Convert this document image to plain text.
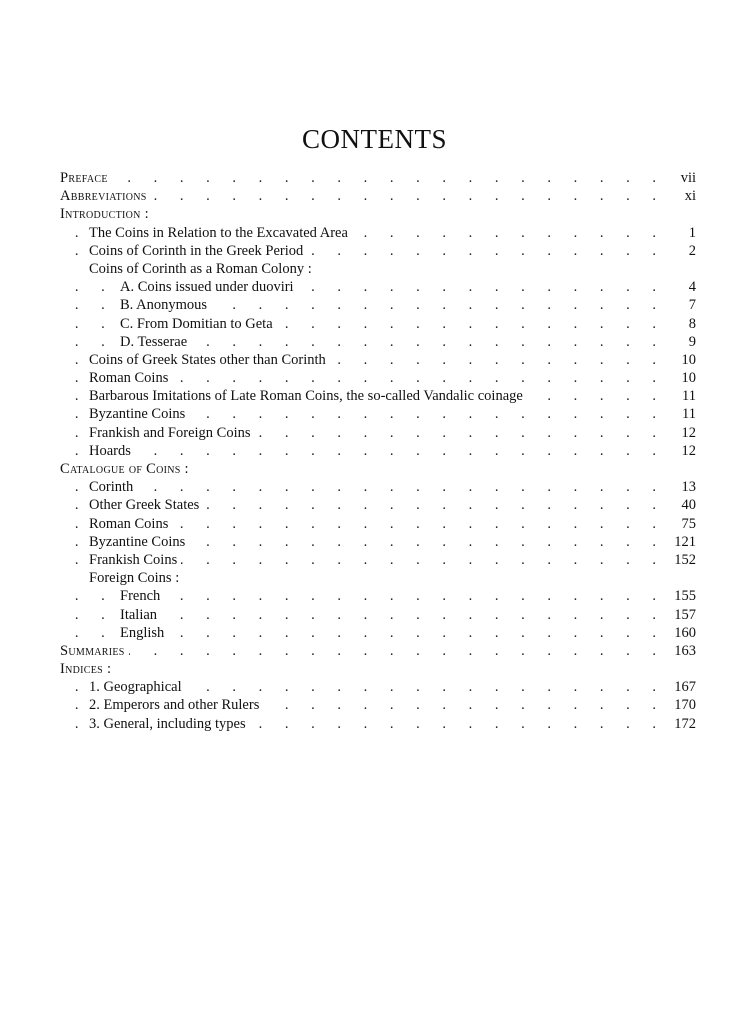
CONTENTS
. . .
Preface	vii
. . .
Abbreviations	xi
Introduction :
. . .
The Coins in Relation to the Excavated Area	1
. . .
Coins of Corinth in the Greek Period	2
Coins of Corinth as a Roman Colony :
. . .
A. Coins issued under duoviri	4
. . .
B. Anonymous	7
. . .
C. From Domitian to Geta	8
. . .
D. Tesserae	9
. . .
Coins of Greek States other than Corinth	10
. . .
Roman Coins	10
. . .
Barbarous Imitations of Late Roman Coins, the so-called Vandalic coinage	11
. . .
Byzantine Coins	11
. . .
Frankish and Foreign Coins	12
. . .
Hoards	12
Catalogue of Coins :
. . .
Corinth	13
. . .
Other Greek States	40
. . .
Roman Coins	75
. . .
Byzantine Coins	121
. . .
Frankish Coins	152
Foreign Coins :
. . .
French	155
. . .
Italian	157
. . .
English	160
. . .
Summaries	163
Indices :
. . .
1. Geographical	167
. . .
2. Emperors and other Rulers	170
. . .
3. General, including types	172
